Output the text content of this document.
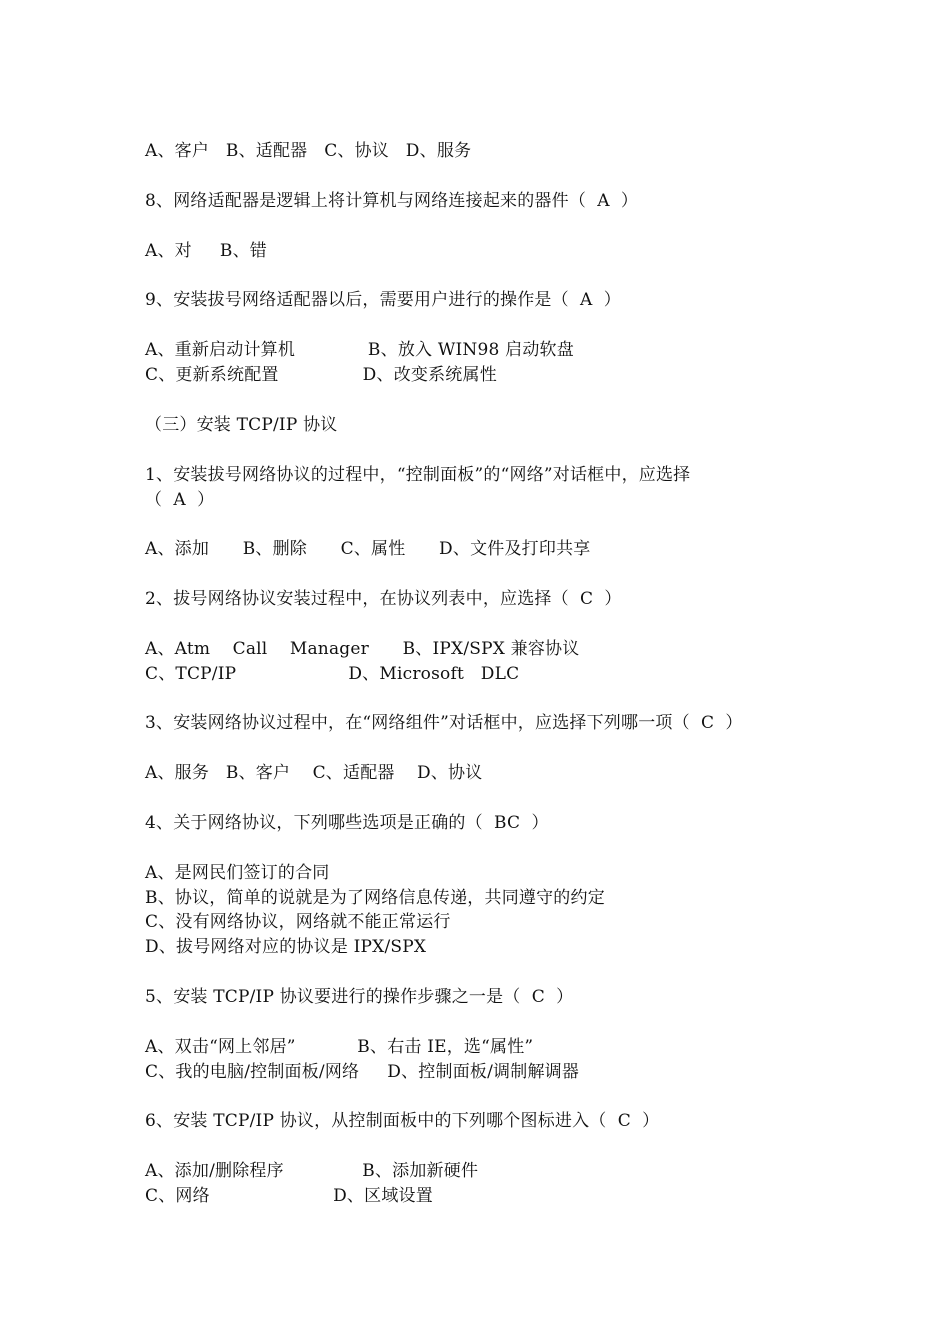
A、客户   B、适配器   C、协议   D、服务
8、网络适配器是逻辑上将计算机与网络连接起来的器件（  A  ）
A、对     B、错
9、安装拔号网络适配器以后，需要用户进行的操作是（  A  ）
A、重新启动计算机             B、放入 WIN98 启动软盘
C、更新系统配置               D、改变系统属性
（三）安装 TCP/IP 协议
1、安装拔号网络协议的过程中，“控制面板”的“网络”对话框中，应选择
（  A  ）
A、添加      B、删除      C、属性      D、文件及打印共享
2、拔号网络协议安装过程中，在协议列表中，应选择（  C  ）
A、Atm    Call    Manager      B、IPX/SPX 兼容协议
C、TCP/IP                    D、Microsoft   DLC
3、安装网络协议过程中，在“网络组件”对话框中，应选择下列哪一项（  C  ）
A、服务   B、客户    C、适配器    D、协议
4、关于网络协议，下列哪些选项是正确的（  BC  ）
A、是网民们签订的合同
B、协议，简单的说就是为了网络信息传递，共同遵守的约定
C、没有网络协议，网络就不能正常运行
D、拔号网络对应的协议是 IPX/SPX
5、安装 TCP/IP 协议要进行的操作步骤之一是（  C  ）
A、双击“网上邻居”           B、右击 IE，选“属性”
C、我的电脑/控制面板/网络     D、控制面板/调制解调器
6、安装 TCP/IP 协议，从控制面板中的下列哪个图标进入（  C  ）
A、添加/删除程序              B、添加新硬件
C、网络                      D、区域设置
